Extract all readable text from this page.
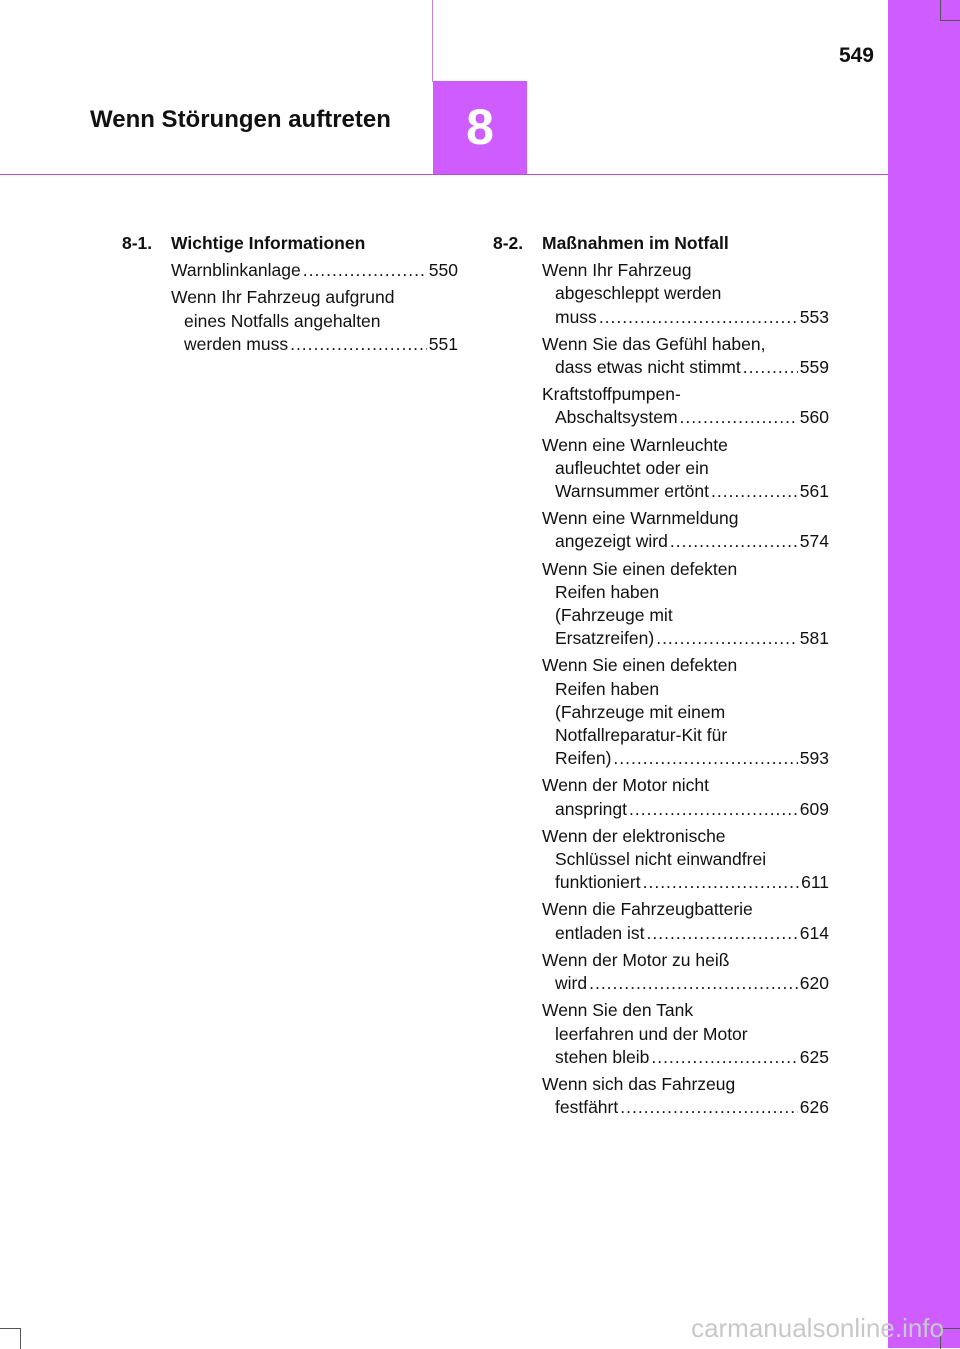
549
Wenn Störungen auftreten	8
8-1.	Wichtige Informationen
Warnblinkanlage .....	550
Wenn Ihr Fahrzeug aufgrund
eines Notfalls angehalten
werden muss .....	551
8-2.	Maßnahmen im Notfall
Wenn Ihr Fahrzeug
abgeschleppt werden
muss .....	553
Wenn Sie das Gefühl haben,
dass etwas nicht stimmt .....	559
Kraftstoffpumpen-
Abschaltsystem .....	560
Wenn eine Warnleuchte
aufleuchtet oder ein
Warnsummer ertönt .....	561
Wenn eine Warnmeldung
angezeigt wird .....	574
Wenn Sie einen defekten
Reifen haben
(Fahrzeuge mit
Ersatzreifen) .....	581
Wenn Sie einen defekten
Reifen haben
(Fahrzeuge mit einem
Notfallreparatur-Kit für
Reifen) .....	593
Wenn der Motor nicht
anspringt .....	609
Wenn der elektronische
Schlüssel nicht einwandfrei
funktioniert .....	611
Wenn die Fahrzeugbatterie
entladen ist .....	614
Wenn der Motor zu heiß
wird .....	620
Wenn Sie den Tank
leerfahren und der Motor
stehen bleib .....	625
Wenn sich das Fahrzeug
festfährt .....	626
carmanualsonline.info
